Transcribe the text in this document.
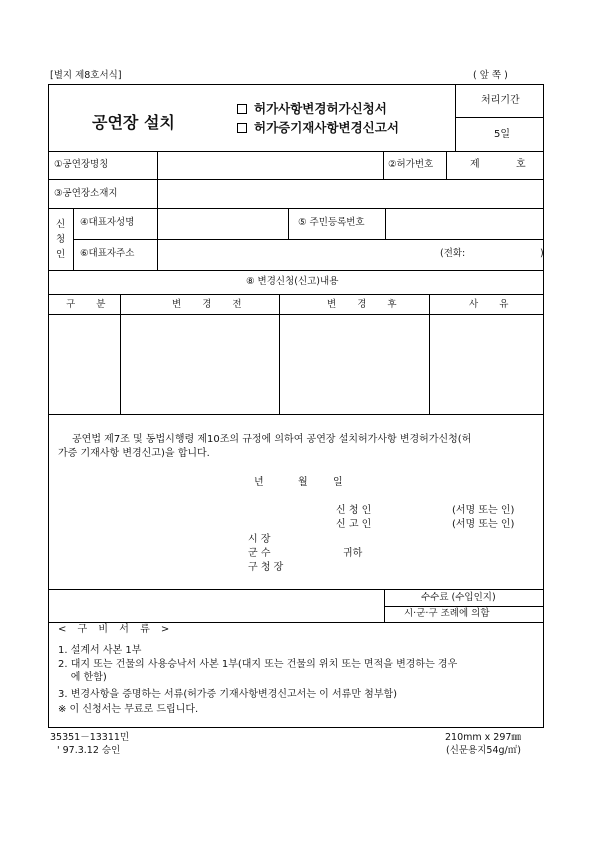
[별지 제8호서식]	( 앞 쪽 )
공연장 설치
허가사항변경허가신청서
허가증기재사항변경신고서
처리기간
5일
①공연장명칭	②허가번호	제	호
③공연장소재지
신
청
인
④대표자성명	⑤ 주민등록번호
⑥대표자주소	(전화:	)
⑧ 변경신청(신고)내용
구 분	변 경 전	변 경 후	사 유
공연법 제7조 및 동법시행령 제10조의 규정에 의하여 공연장 설치허가사항 변경허가신청(허
가증 기재사항 변경신고)을 합니다.
년	월	일
신 청 인	(서명 또는 인)
신 고 인	(서명 또는 인)
시 장
군 수
구 청 장
귀하
수수료 (수입인지)
시·군·구 조례에 의함
< 구 비 서 류 >
1. 설계서 사본 1부
2. 대지 또는 건물의 사용승낙서 사본 1부(대지 또는 건물의 위치 또는 면적을 변경하는 경우
에 한함)
3. 변경사항을 증명하는 서류(허가증 기재사항변경신고서는 이 서류만 첨부함)
※ 이 신청서는 무료로 드립니다.
35351－13311민
' 97.3.12 승인
210mm x 297㎜
(신문용지54g/㎡)
